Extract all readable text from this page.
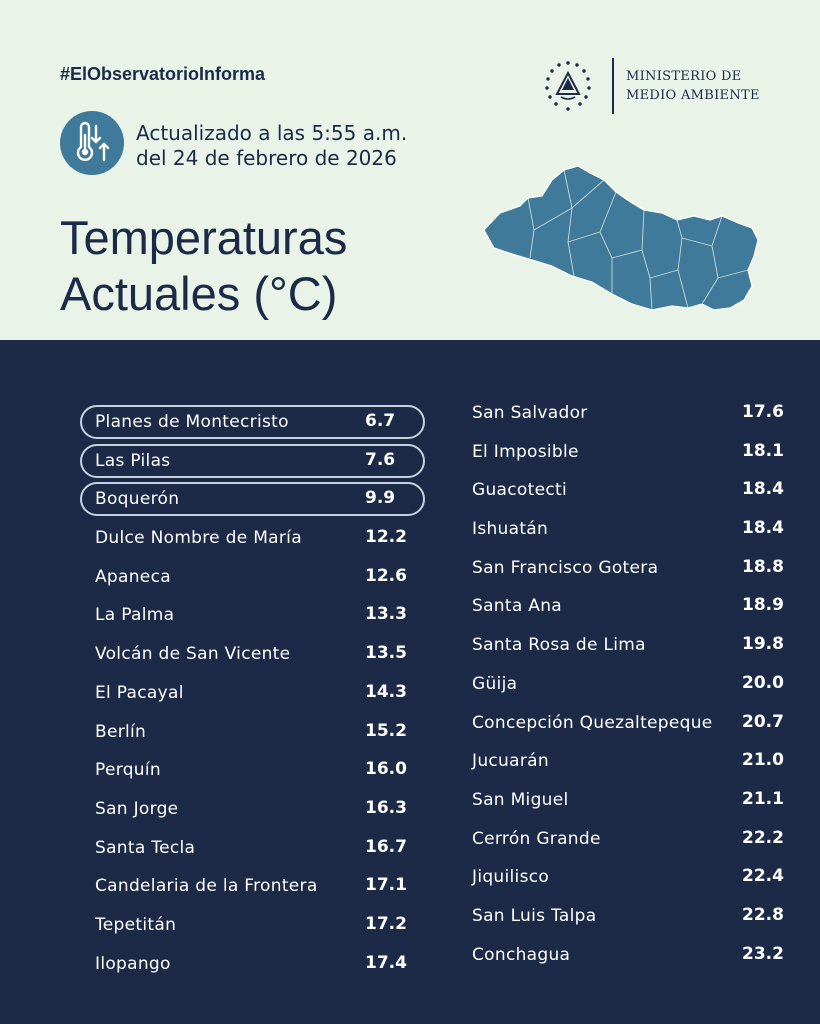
#ElObservatorioInforma
Actualizado a las 5:55 a.m.
del 24 de febrero de 2026
Temperaturas
Actuales (°C)
MINISTERIO DE
MEDIO AMBIENTE
Planes de Montecristo	6.7
Las Pilas	7.6
Boquerón	9.9
Dulce Nombre de María	12.2
Apaneca	12.6
La Palma	13.3
Volcán de San Vicente	13.5
El Pacayal	14.3
Berlín	15.2
Perquín	16.0
San Jorge	16.3
Santa Tecla	16.7
Candelaria de la Frontera	17.1
Tepetitán	17.2
Ilopango	17.4
San Salvador	17.6
El Imposible	18.1
Guacotecti	18.4
Ishuatán	18.4
San Francisco Gotera	18.8
Santa Ana	18.9
Santa Rosa de Lima	19.8
Güija	20.0
Concepción Quezaltepeque 20.7
Jucuarán	21.0
San Miguel	21.1
Cerrón Grande	22.2
Jiquilisco	22.4
San Luis Talpa	22.8
Conchagua	23.2
